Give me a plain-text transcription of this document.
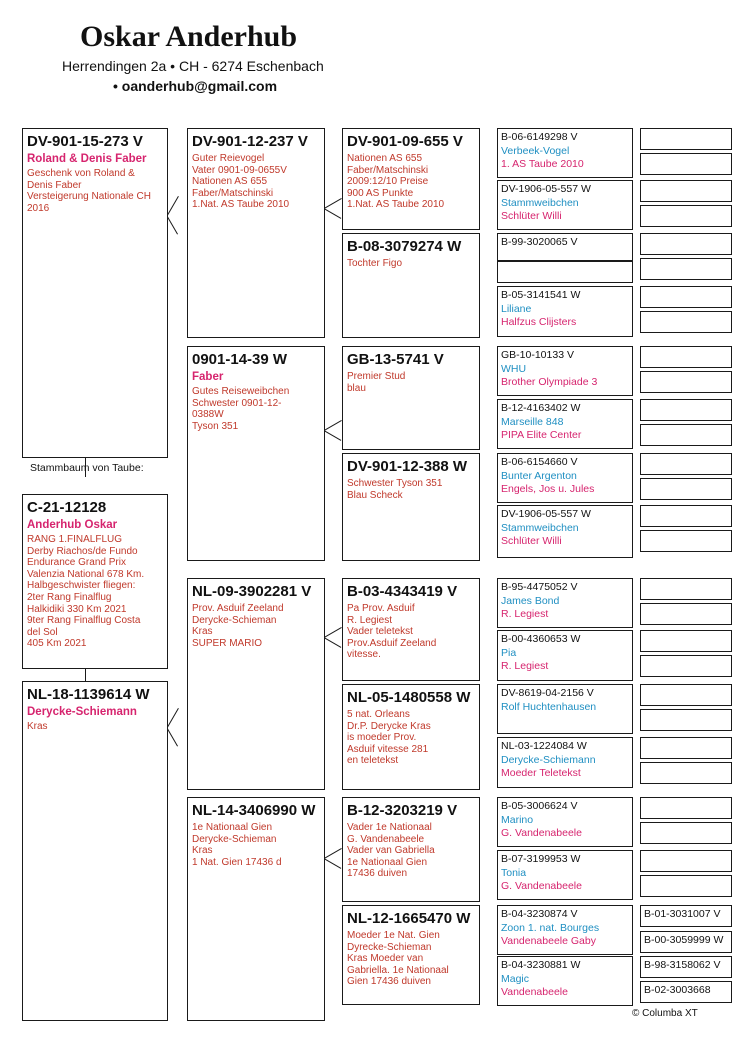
Oskar Anderhub
Herrendingen 2a • CH - 6274 Eschenbach
• oanderhub@gmail.com
DV-901-15-273 V
Roland & Denis Faber
Geschenk von Roland &
Denis Faber
Versteigerung Nationale CH
2016
Stammbaum von Taube:
C-21-12128
Anderhub Oskar
RANG 1.FINALFLUG
Derby Riachos/de Fundo
Endurance Grand Prix
Valenzia National 678 Km.
Halbgeschwister fliegen:
2ter Rang Finalflug
Halkidiki 330 Km 2021
9ter Rang Finalflug Costa
del Sol
405 Km 2021
NL-18-1139614 W
Derycke-Schiemann
Kras
DV-901-12-237 V
Guter Reievogel
Vater 0901-09-0655V
Nationen AS 655
Faber/Matschinski
1.Nat. AS Taube 2010
0901-14-39 W
Faber
Gutes Reiseweibchen
Schwester 0901-12-
0388W
Tyson 351
NL-09-3902281 V
Prov. Asduif Zeeland
Derycke-Schieman
Kras
SUPER MARIO
NL-14-3406990 W
1e Nationaal Gien
Derycke-Schieman
Kras
1 Nat. Gien 17436 d
DV-901-09-655 V
Nationen AS 655
Faber/Matschinski
2009:12/10 Preise
900 AS Punkte
1.Nat. AS Taube 2010
B-08-3079274 W
Tochter Figo
GB-13-5741 V
Premier Stud
blau
DV-901-12-388 W
Schwester Tyson 351
Blau Scheck
B-03-4343419 V
Pa Prov. Asduif
R. Legiest
Vader teletekst
Prov.Asduif Zeeland
vitesse.
NL-05-1480558 W
5 nat. Orleans
Dr.P. Derycke Kras
is moeder Prov.
Asduif vitesse 281
en teletekst
B-12-3203219 V
Vader 1e Nationaal
G. Vandenabeele
Vader van Gabriella
1e Nationaal Gien
17436 duiven
NL-12-1665470 W
Moeder 1e Nat. Gien
Dyrecke-Schieman
Kras Moeder van
Gabriella. 1e Nationaal
Gien 17436 duiven
B-06-6149298 V
Verbeek-Vogel
1. AS Taube 2010
DV-1906-05-557 W
Stammweibchen
Schlüter Willi
B-99-3020065 V
B-05-3141541 W
Liliane
Halfzus Clijsters
GB-10-10133 V
WHU
Brother Olympiade 3
B-12-4163402 W
Marseille 848
PIPA Elite Center
B-06-6154660 V
Bunter Argenton
Engels, Jos u. Jules
DV-1906-05-557 W
Stammweibchen
Schlüter Willi
B-95-4475052 V
James Bond
R. Legiest
B-00-4360653 W
Pia
R. Legiest
DV-8619-04-2156 V
Rolf Huchtenhausen
NL-03-1224084 W
Derycke-Schiemann
Moeder Teletekst
B-05-3006624 V
Marino
G. Vandenabeele
B-07-3199953 W
Tonia
G. Vandenabeele
B-04-3230874 V
Zoon 1. nat. Bourges
Vandenabeele Gaby
B-04-3230881 W
Magic
Vandenabeele
B-01-3031007 V
B-00-3059999 W
B-98-3158062 V
B-02-3003668
© Columba XT
